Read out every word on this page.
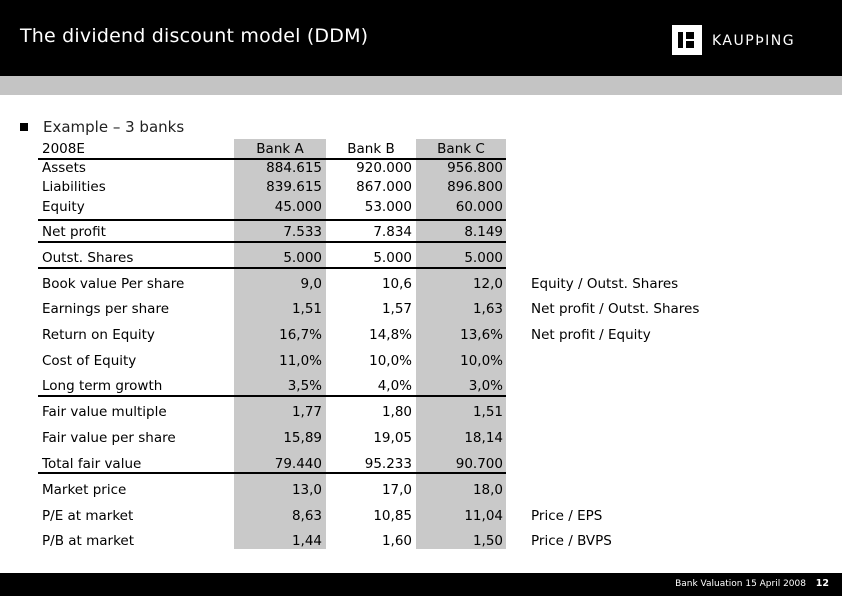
The dividend discount model (DDM)	KAUPÞING
Example – 3 banks
2008E	Bank A	Bank B	Bank C
Assets	884.615	920.000	956.800
Liabilities	839.615	867.000	896.800
Equity	45.000	53.000	60.000
Net profit	7.533	7.834	8.149
Outst. Shares	5.000	5.000	5.000
Book value Per share	9,0	10,6	12,0 Equity / Outst. Shares
Earnings per share	1,51	1,57	1,63 Net profit / Outst. Shares
Return on Equity	16,7%	14,8%	13,6% Net profit / Equity
Cost of Equity	11,0%	10,0%	10,0%
Long term growth	3,5%	4,0%	3,0%
Fair value multiple	1,77	1,80	1,51
Fair value per share	15,89	19,05	18,14
Total fair value	79.440	95.233	90.700
Market price	13,0	17,0	18,0
P/E at market	8,63	10,85	11,04 Price / EPS
P/B at market	1,44	1,60	1,50 Price / BVPS
Bank Valuation 15 April 2008 12
